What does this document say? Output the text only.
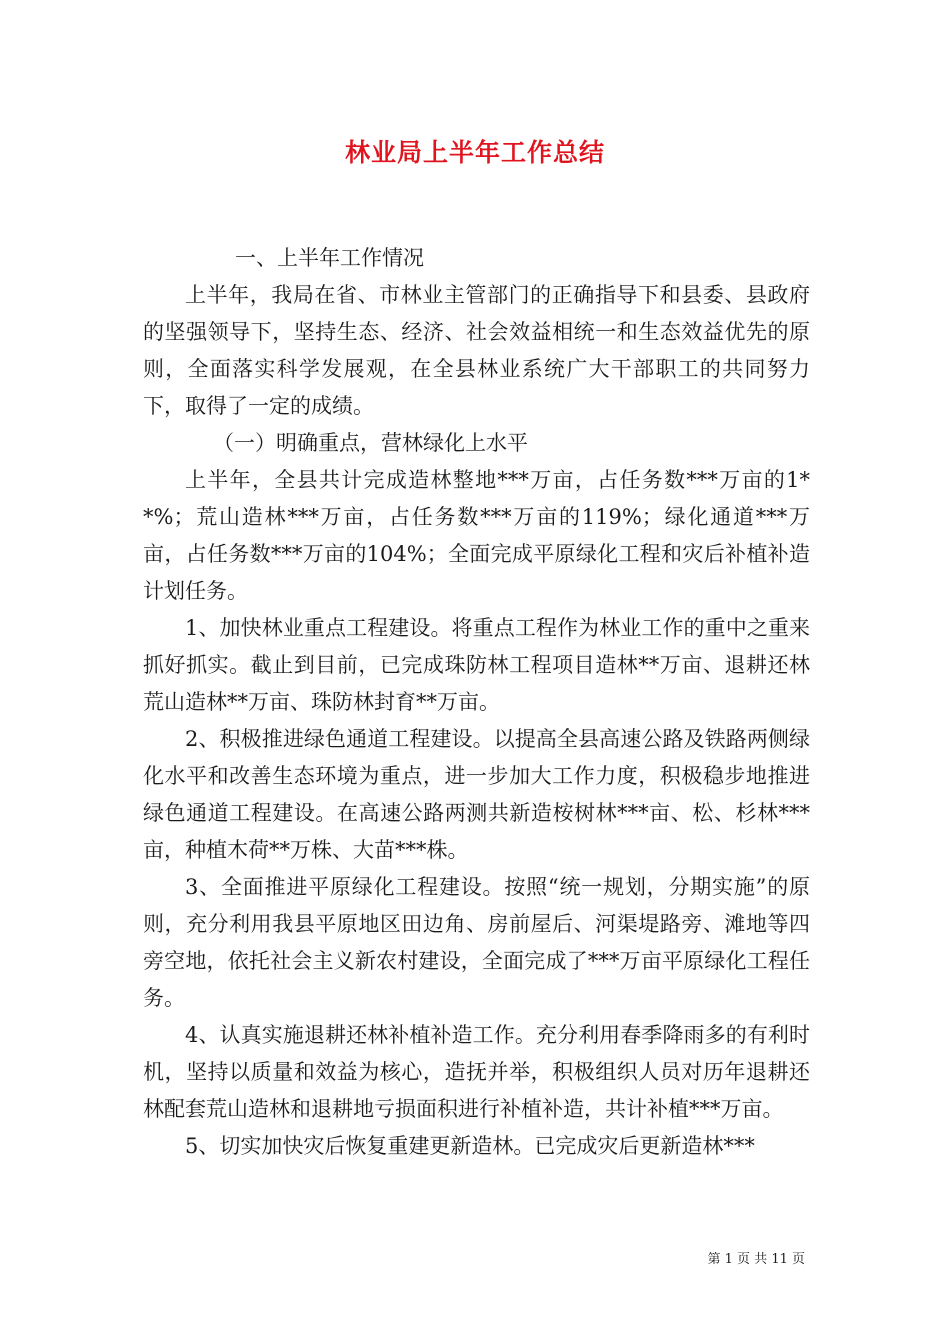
林业局上半年工作总结

一、上半年工作情况

上半年，我局在省、市林业主管部门的正确指导下和县委、县政府的坚强领导下，坚持生态、经济、社会效益相统一和生态效益优先的原则，全面落实科学发展观，在全县林业系统广大干部职工的共同努力下，取得了一定的成绩。

（一）明确重点，营林绿化上水平

上半年，全县共计完成造林整地***万亩，占任务数***万亩的1**%；荒山造林***万亩，占任务数***万亩的119%；绿化通道***万亩，占任务数***万亩的104%；全面完成平原绿化工程和灾后补植补造计划任务。

1、加快林业重点工程建设。将重点工程作为林业工作的重中之重来抓好抓实。截止到目前，已完成珠防林工程项目造林**万亩、退耕还林荒山造林**万亩、珠防林封育**万亩。

2、积极推进绿色通道工程建设。以提高全县高速公路及铁路两侧绿化水平和改善生态环境为重点，进一步加大工作力度，积极稳步地推进绿色通道工程建设。在高速公路两测共新造桉树林***亩、松、杉林***亩，种植木荷**万株、大苗***株。

3、全面推进平原绿化工程建设。按照“统一规划，分期实施”的原则，充分利用我县平原地区田边角、房前屋后、河渠堤路旁、滩地等四旁空地，依托社会主义新农村建设，全面完成了***万亩平原绿化工程任务。

4、认真实施退耕还林补植补造工作。充分利用春季降雨多的有利时机，坚持以质量和效益为核心，造抚并举，积极组织人员对历年退耕还林配套荒山造林和退耕地亏损面积进行补植补造，共计补植***万亩。

5、切实加快灾后恢复重建更新造林。已完成灾后更新造林***

第 1 页 共 11 页
